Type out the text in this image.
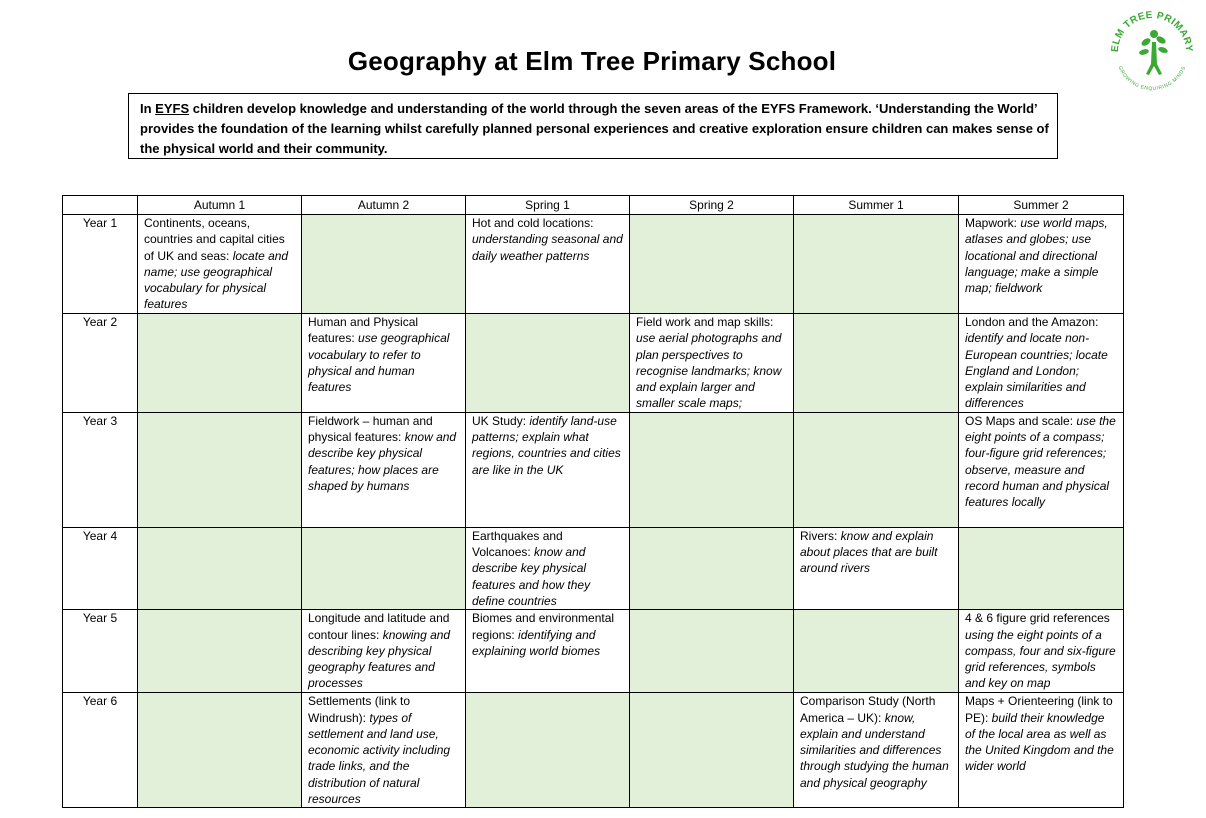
Geography at Elm Tree Primary School	ELM TREE PRIMARY
GROWING ENQUIRING MINDS
In EYFS children develop knowledge and understanding of the world through the seven areas of the EYFS Framework. ‘Understanding the World’ provides the foundation of the learning whilst carefully planned personal experiences and creative exploration ensure children can makes sense of the physical world and their community.
	Autumn 1	Autumn 2	Spring 1	Spring 2	Summer 1	Summer 2
Year 1	Continents, oceans, countries and capital cities of UK and seas: locate and name; use geographical vocabulary for physical features		Hot and cold locations: understanding seasonal and daily weather patterns			Mapwork: use world maps, atlases and globes; use locational and directional language; make a simple map; fieldwork
Year 2		Human and Physical features: use geographical vocabulary to refer to physical and human features		Field work and map skills: use aerial photographs and plan perspectives to recognise landmarks; know and explain larger and smaller scale maps;		London and the Amazon: identify and locate non-European countries; locate England and London; explain similarities and differences
Year 3		Fieldwork – human and physical features: know and describe key physical features; how places are shaped by humans	UK Study: identify land-use patterns; explain what regions, countries and cities are like in the UK			OS Maps and scale: use the eight points of a compass; four-figure grid references; observe, measure and record human and physical features locally
Year 4			Earthquakes and Volcanoes: know and describe key physical features and how they define countries		Rivers: know and explain about places that are built around rivers	
Year 5		Longitude and latitude and contour lines: knowing and describing key physical geography features and processes	Biomes and environmental regions: identifying and explaining world biomes			4 & 6 figure grid references using the eight points of a compass, four and six-figure grid references, symbols and key on map
Year 6		Settlements (link to Windrush): types of settlement and land use, economic activity including trade links, and the distribution of natural resources			Comparison Study (North America – UK): know, explain and understand similarities and differences through studying the human and physical geography	Maps + Orienteering (link to PE): build their knowledge of the local area as well as the United Kingdom and the wider world
